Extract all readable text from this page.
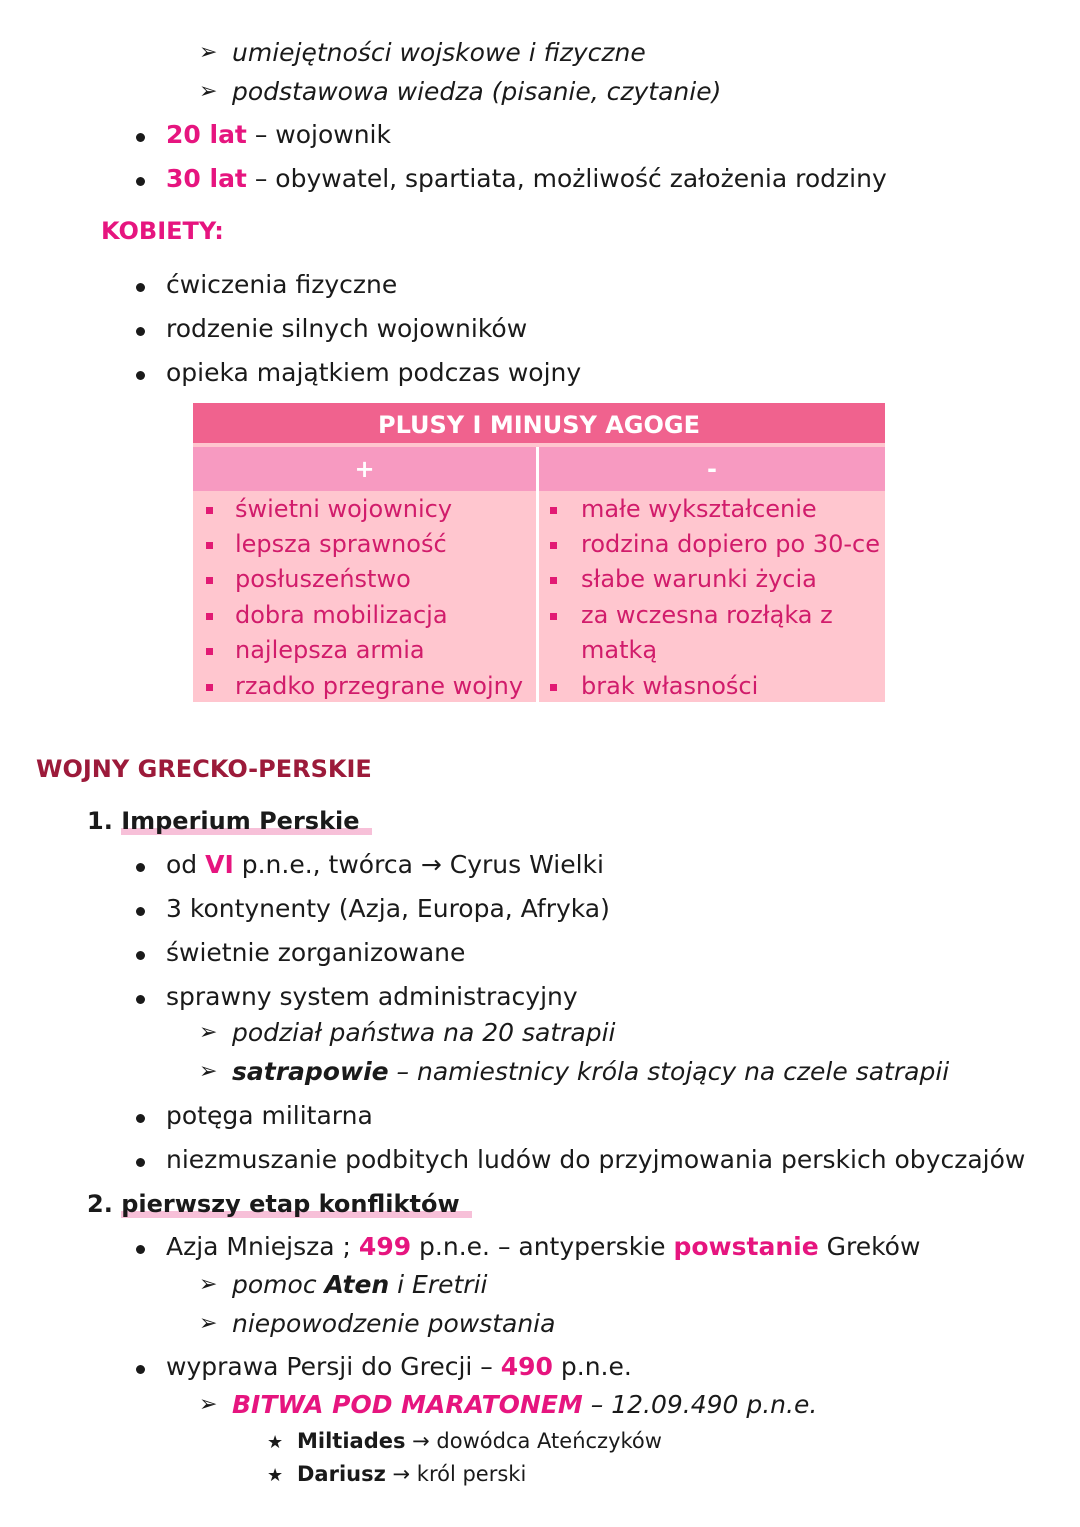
➢ umiejętności wojskowe i fizyczne
➢ podstawowa wiedza (pisanie, czytanie)
20 lat – wojownik
30 lat – obywatel, spartiata, możliwość założenia rodziny
KOBIETY:
ćwiczenia fizyczne
rodzenie silnych wojowników
opieka majątkiem podczas wojny
PLUSY I MINUSY AGOGE
+	-
świetni wojownicy
lepsza sprawność
posłuszeństwo
dobra mobilizacja
najlepsza armia
rzadko przegrane wojny
małe wykształcenie
rodzina dopiero po 30-ce
słabe warunki życia
za wczesna rozłąka z
matką
brak własności
WOJNY GRECKO-PERSKIE
1. Imperium Perskie
od VI p.n.e., twórca → Cyrus Wielki
3 kontynenty (Azja, Europa, Afryka)
świetnie zorganizowane
sprawny system administracyjny
➢ podział państwa na 20 satrapii
➢ satrapowie – namiestnicy króla stojący na czele satrapii
potęga militarna
niezmuszanie podbitych ludów do przyjmowania perskich obyczajów
2. pierwszy etap konfliktów
Azja Mniejsza ; 499 p.n.e. – antyperskie powstanie Greków
➢ pomoc Aten i Eretrii
➢ niepowodzenie powstania
wyprawa Persji do Grecji – 490 p.n.e.
➢ BITWA POD MARATONEM – 12.09.490 p.n.e.
★ Miltiades → dowódca Ateńczyków
★ Dariusz → król perski
